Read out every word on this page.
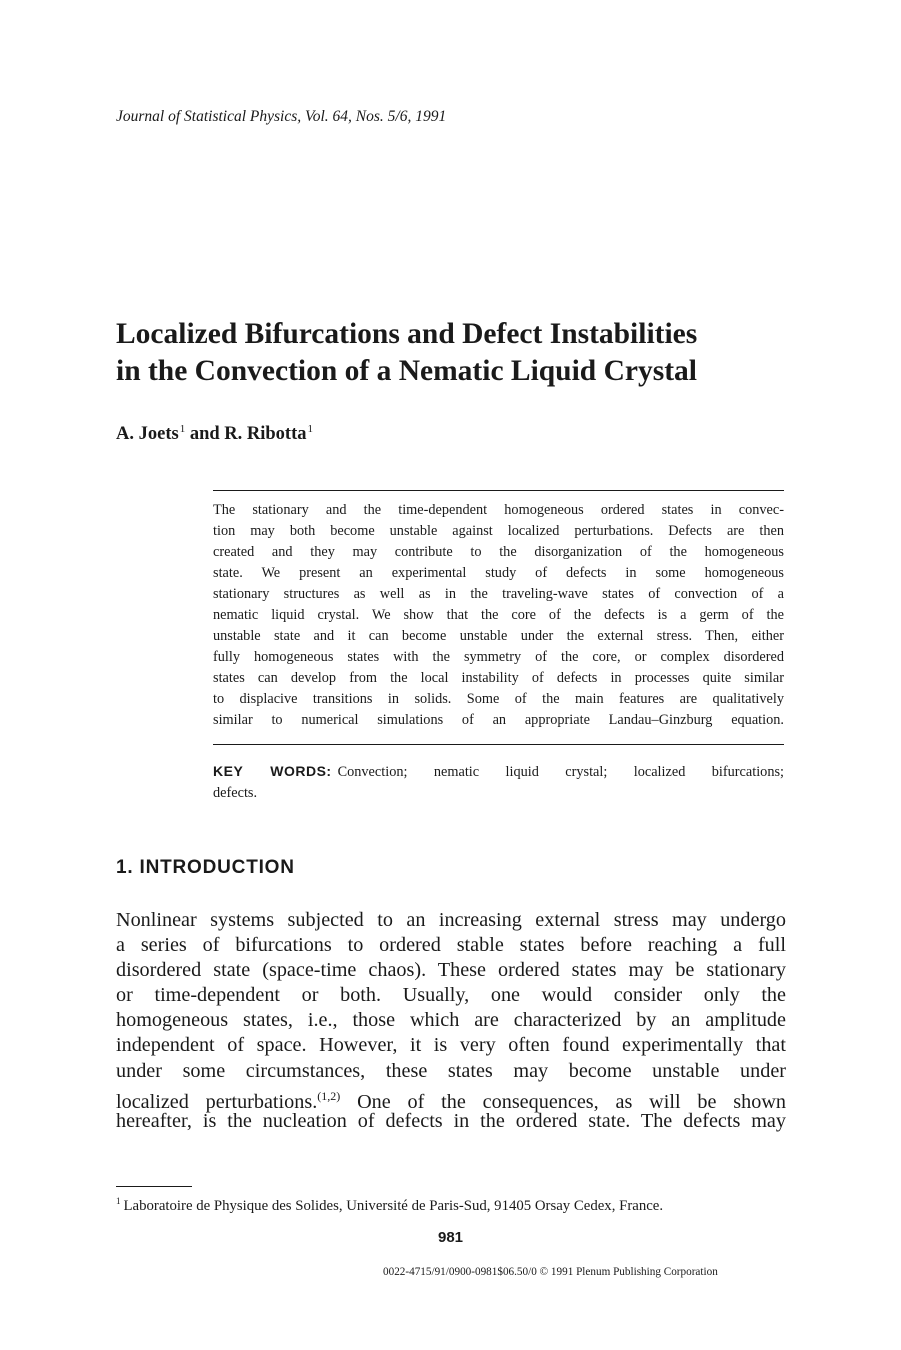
Journal of Statistical Physics, Vol. 64, Nos. 5/6, 1991
Localized Bifurcations and Defect Instabilities
in the Convection of a Nematic Liquid Crystal
A. Joets$^1$ and R. Ribotta$^1$
The stationary and the time-dependent homogeneous ordered states in convec-
tion may both become unstable against localized perturbations. Defects are then
created and they may contribute to the disorganization of the homogeneous
state. We present an experimental study of defects in some homogeneous
stationary structures as well as in the traveling-wave states of convection of a
nematic liquid crystal. We show that the core of the defects is a germ of the
unstable state and it can become unstable under the external stress. Then, either
fully homogeneous states with the symmetry of the core, or complex disordered
states can develop from the local instability of defects in processes quite similar
to displacive transitions in solids. Some of the main features are qualitatively
similar to numerical simulations of an appropriate Landau–Ginzburg equation.
KEY WORDS: Convection; nematic liquid crystal; localized bifurcations;
defects.
1. INTRODUCTION
Nonlinear systems subjected to an increasing external stress may undergo
a series of bifurcations to ordered stable states before reaching a full
disordered state (space-time chaos). These ordered states may be stationary
or time-dependent or both. Usually, one would consider only the
homogeneous states, i.e., those which are characterized by an amplitude
independent of space. However, it is very often found experimentally that
under some circumstances, these states may become unstable under
localized perturbations.$^{(1,2)}$ One of the consequences, as will be shown
hereafter, is the nucleation of defects in the ordered state. The defects may
$^1$ Laboratoire de Physique des Solides, Université de Paris-Sud, 91405 Orsay Cedex, France.
981
0022-4715/91/0900-0981$06.50/0 © 1991 Plenum Publishing Corporation
